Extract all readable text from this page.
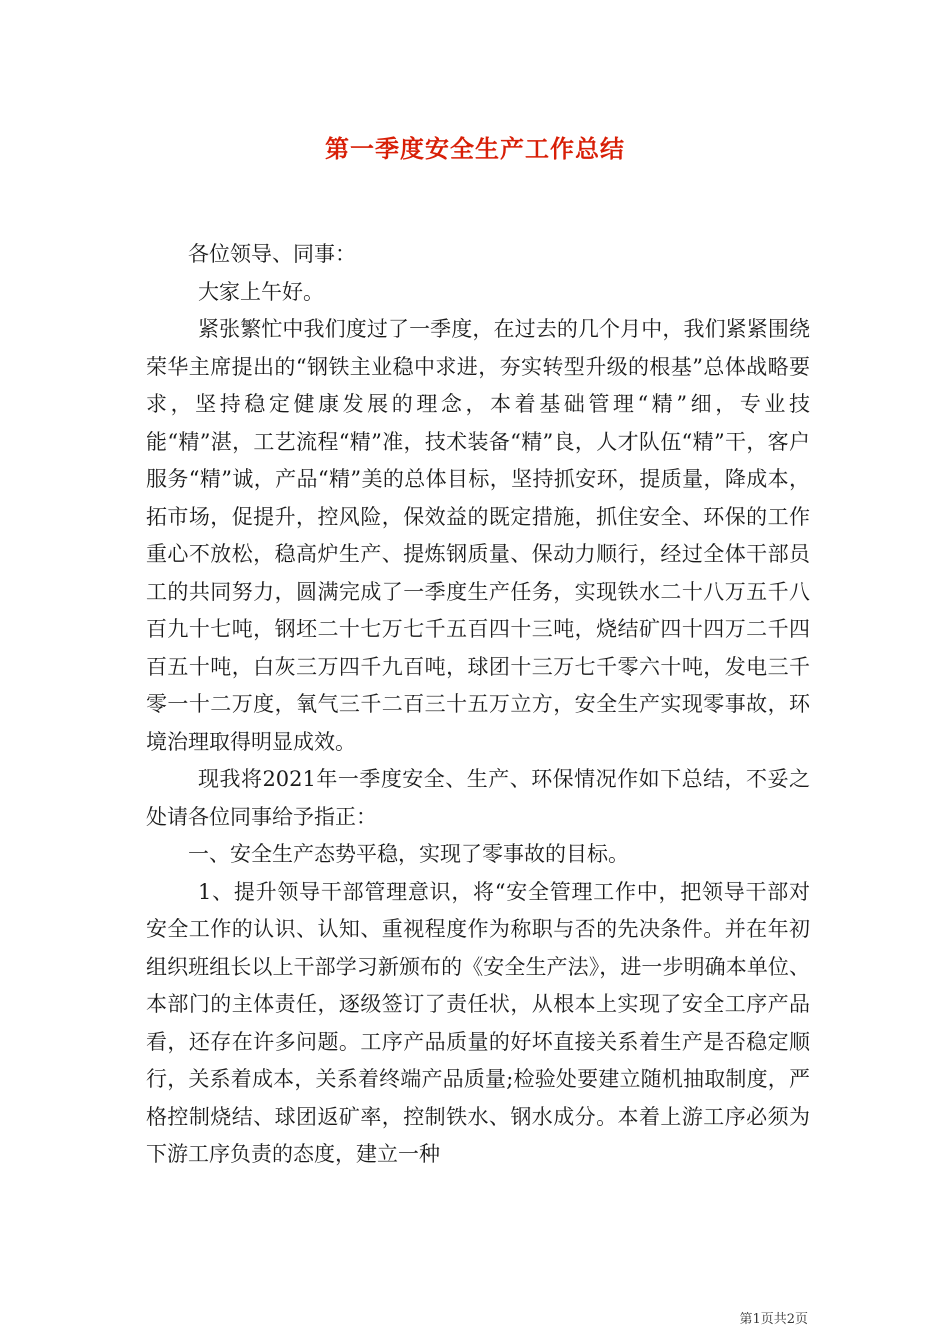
第一季度安全生产工作总结

各位领导、同事：

大家上午好。

紧张繁忙中我们度过了一季度，在过去的几个月中，我们紧紧围绕荣华主席提出的“钢铁主业稳中求进，夯实转型升级的根基”总体战略要求，坚持稳定健康发展的理念，本着基础管理“精”细，专业技能“精”湛，工艺流程“精”准，技术装备“精”良，人才队伍“精”干，客户服务“精”诚，产品“精”美的总体目标，坚持抓安环，提质量，降成本，拓市场，促提升，控风险，保效益的既定措施，抓住安全、环保的工作重心不放松，稳高炉生产、提炼钢质量、保动力顺行，经过全体干部员工的共同努力，圆满完成了一季度生产任务，实现铁水二十八万五千八百九十七吨，钢坯二十七万七千五百四十三吨，烧结矿四十四万二千四百五十吨，白灰三万四千九百吨，球团十三万七千零六十吨，发电三千零一十二万度，氧气三千二百三十五万立方，安全生产实现零事故，环境治理取得明显成效。

现我将2021年一季度安全、生产、环保情况作如下总结，不妥之处请各位同事给予指正：

一、安全生产态势平稳，实现了零事故的目标。

1、提升领导干部管理意识，将“安全管理工作中，把领导干部对安全工作的认识、认知、重视程度作为称职与否的先决条件。并在年初组织班组长以上干部学习新颁布的《安全生产法》，进一步明确本单位、本部门的主体责任，逐级签订了责任状，从根本上实现了安全工序产品看，还存在许多问题。工序产品质量的好坏直接关系着生产是否稳定顺行，关系着成本，关系着终端产品质量;检验处要建立随机抽取制度，严格控制烧结、球团返矿率，控制铁水、钢水成分。本着上游工序必须为下游工序负责的态度，建立一种

第1页共2页
